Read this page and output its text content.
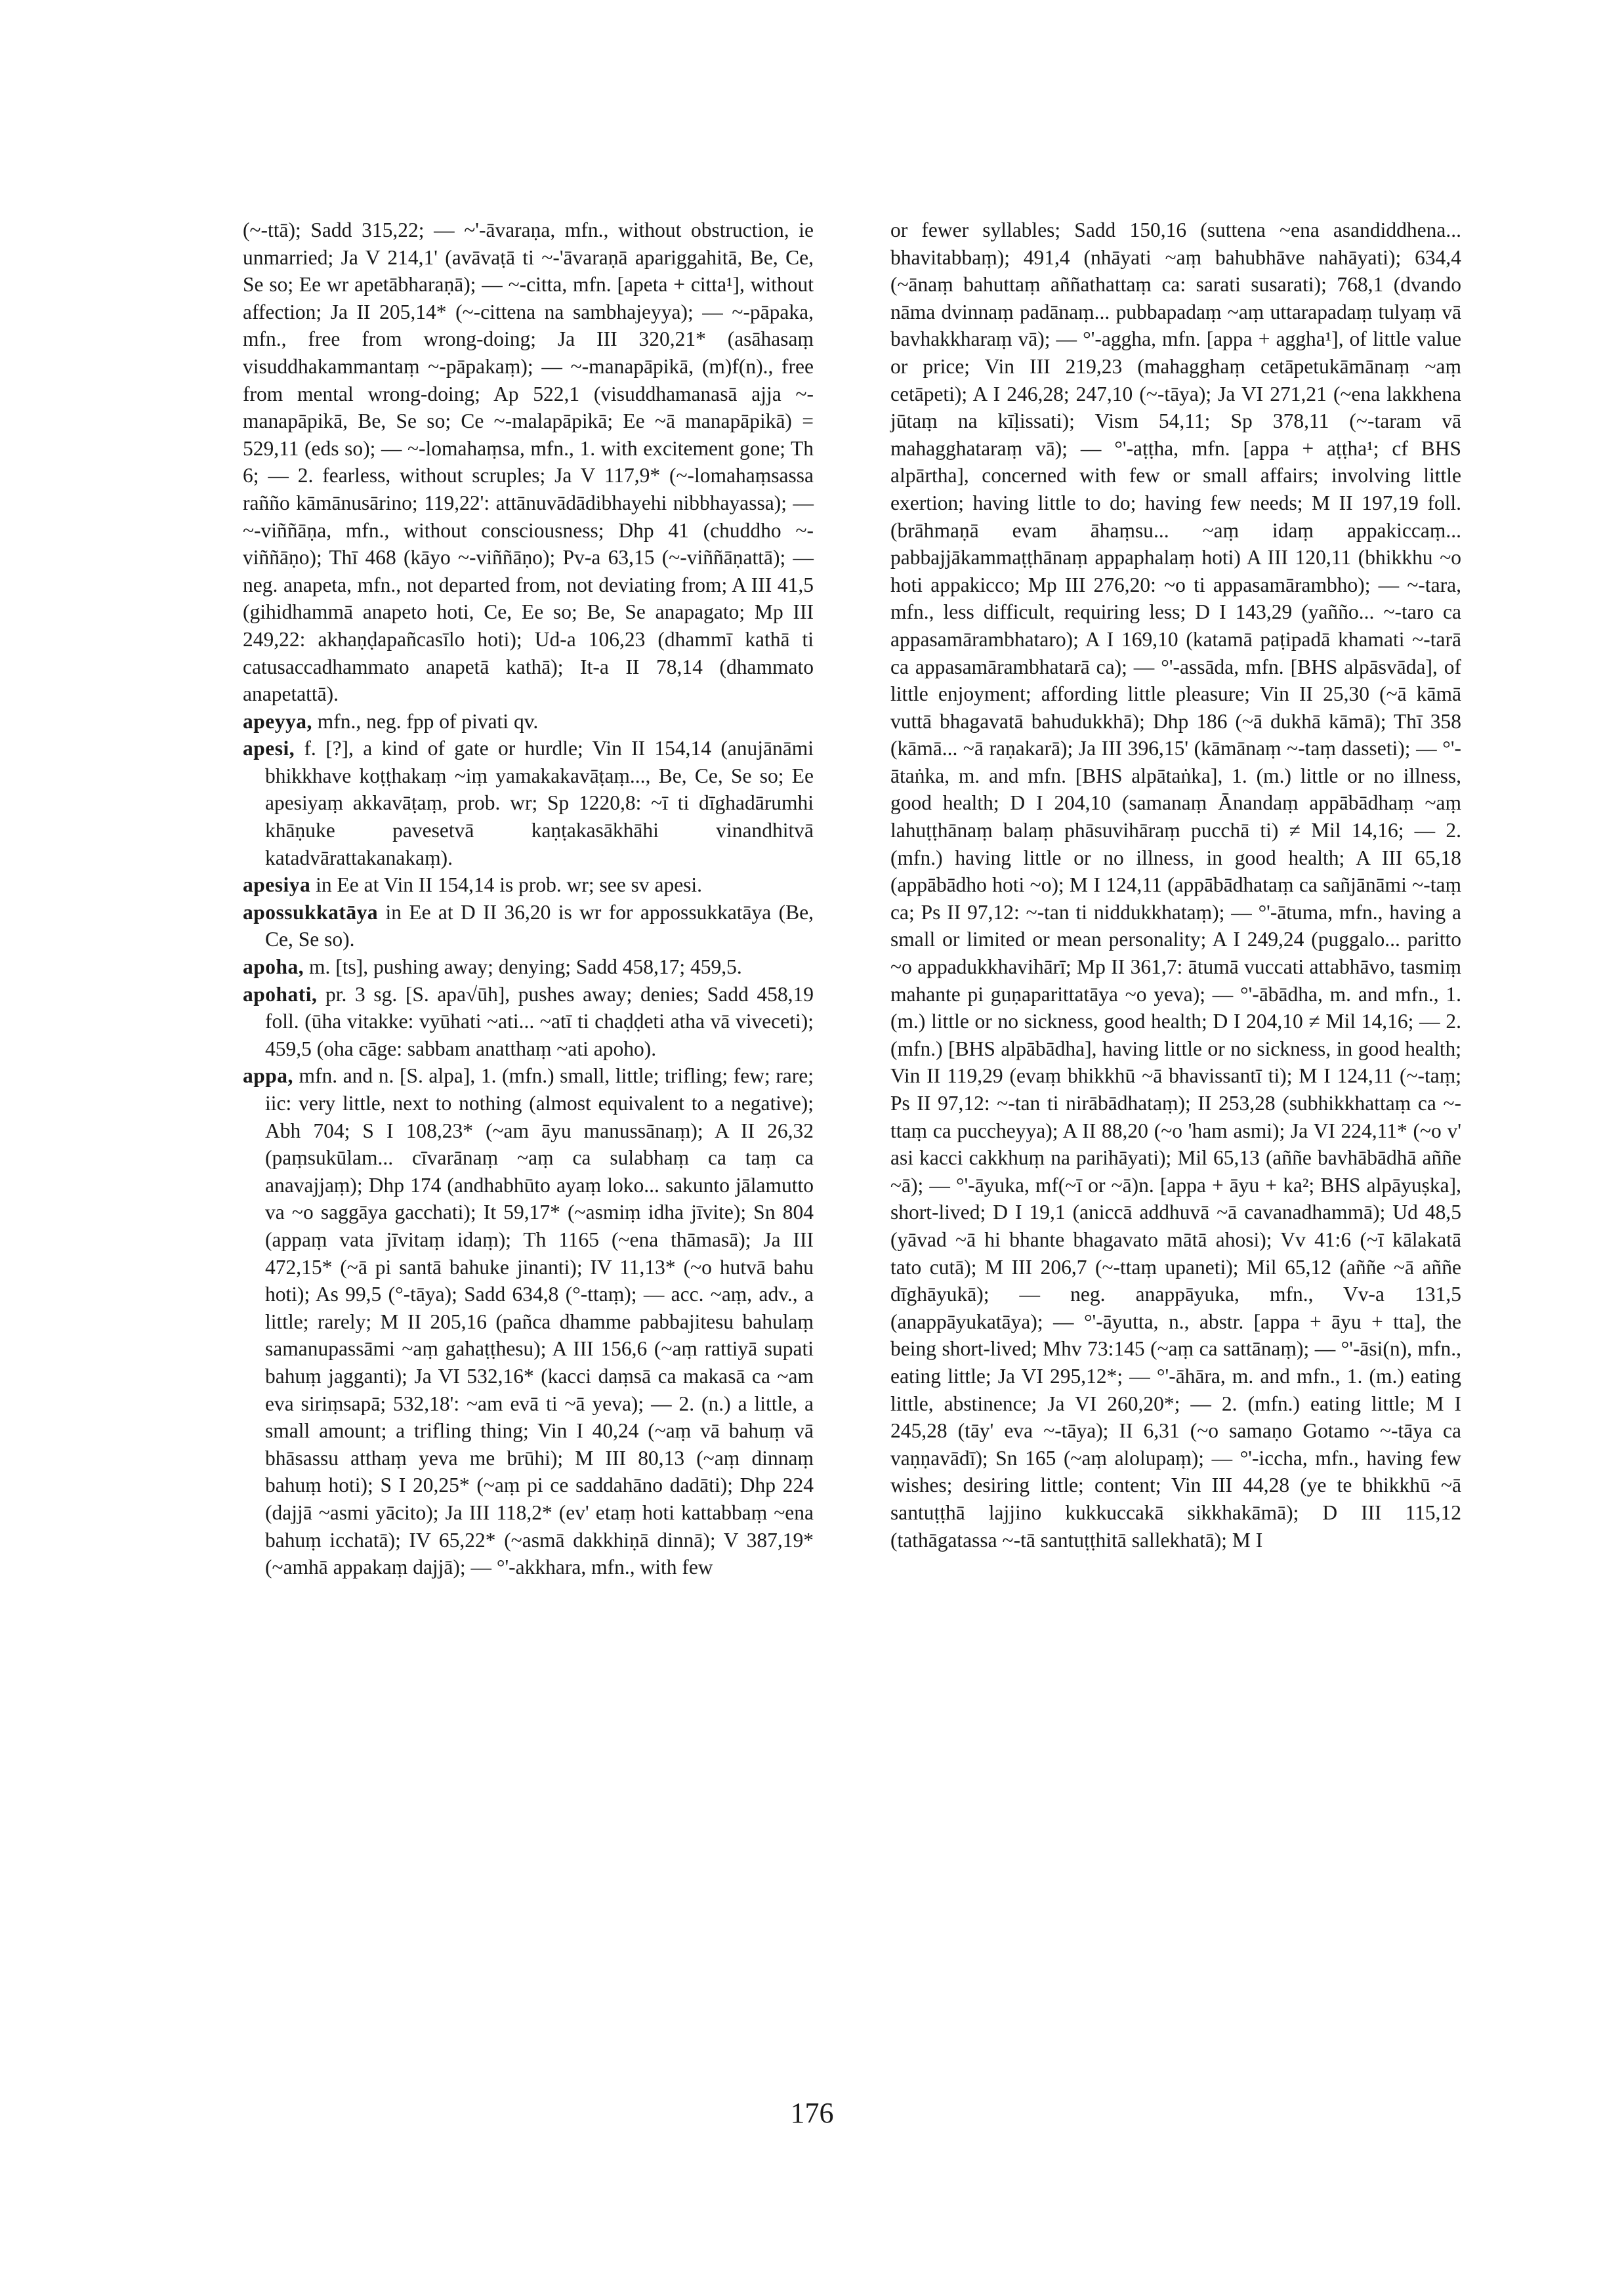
(~-ttā); Sadd 315,22; — ~'-āvaraṇa, mfn., without obstruction, ie unmarried; Ja V 214,1' (avāvaṭā ti ~-'āvaraṇā apariggahitā, Be, Ce, Se so; Ee wr apetābharaṇā); — ~-citta, mfn. [apeta + citta¹], without affection; Ja II 205,14* (~-cittena na sambhajeyya); — ~-pāpaka, mfn., free from wrong-doing; Ja III 320,21* (asāhasaṃ visuddhakammantaṃ ~-pāpakaṃ); — ~-manapāpikā, (m)f(n)., free from mental wrong-doing; Ap 522,1 (visuddhamanasā ajja ~-manapāpikā, Be, Se so; Ce ~-malapāpikā; Ee ~ā manapāpikā) = 529,11 (eds so); — ~-lomahaṃsa, mfn., 1. with excitement gone; Th 6; — 2. fearless, without scruples; Ja V 117,9* (~-lomahaṃsassa rañño kāmānusārino; 119,22': attānuvādādibhayehi nibbhayassa); — ~-viññāṇa, mfn., without consciousness; Dhp 41 (chuddho ~-viññāṇo); Thī 468 (kāyo ~-viññāṇo); Pv-a 63,15 (~-viññāṇattā); — neg. anapeta, mfn., not departed from, not deviating from; A III 41,5 (gihidhammā anapeto hoti, Ce, Ee so; Be, Se anapagato; Mp III 249,22: akhaṇḍapañcasīlo hoti); Ud-a 106,23 (dhammī kathā ti catusaccadhammato anapetā kathā); It-a II 78,14 (dhammato anapetattā).

apeyya, mfn., neg. fpp of pivati qv.

apesi, f. [?], a kind of gate or hurdle; Vin II 154,14 (anujānāmi bhikkhave koṭṭhakaṃ ~iṃ yamakakavāṭaṃ..., Be, Ce, Se so; Ee apesiyaṃ akkavāṭaṃ, prob. wr; Sp 1220,8: ~ī ti dīghadārumhi khāṇuke pavesetvā kaṇṭakasākhāhi vinandhitvā katadvārattakanakaṃ).

apesiya in Ee at Vin II 154,14 is prob. wr; see sv apesi.

apossukkatāya in Ee at D II 36,20 is wr for appossukkatāya (Be, Ce, Se so).

apoha, m. [ts], pushing away; denying; Sadd 458,17; 459,5.

apohati, pr. 3 sg. [S. apa√ūh], pushes away; denies; Sadd 458,19 foll. (ūha vitakke: vyūhati ~ati... ~atī ti chaḍḍeti atha vā viveceti); 459,5 (oha cāge: sabbam anatthaṃ ~ati apoho).

appa, mfn. and n. [S. alpa], 1. (mfn.) small, little; trifling; few; rare; iic: very little, next to nothing (almost equivalent to a negative); Abh 704; S I 108,23* (~am āyu manussānaṃ); A II 26,32 (paṃsukūlam... cīvarānaṃ ~aṃ ca sulabhaṃ ca taṃ ca anavajjaṃ); Dhp 174 (andhabhūto ayaṃ loko... sakunto jālamutto va ~o saggāya gacchati); It 59,17* (~asmiṃ idha jīvite); Sn 804 (appaṃ vata jīvitaṃ idaṃ); Th 1165 (~ena thāmasā); Ja III 472,15* (~ā pi santā bahuke jinanti); IV 11,13* (~o hutvā bahu hoti); As 99,5 (°-tāya); Sadd 634,8 (°-ttaṃ); — acc. ~aṃ, adv., a little; rarely; M II 205,16 (pañca dhamme pabbajitesu bahulaṃ samanupassāmi ~aṃ gahaṭṭhesu); A III 156,6 (~aṃ rattiyā supati bahuṃ jagganti); Ja VI 532,16* (kacci daṃsā ca makasā ca ~am eva siriṃsapā; 532,18': ~am evā ti ~ā yeva); — 2. (n.) a little, a small amount; a trifling thing; Vin I 40,24 (~aṃ vā bahuṃ vā bhāsassu atthaṃ yeva me brūhi); M III 80,13 (~aṃ dinnaṃ bahuṃ hoti); S I 20,25* (~aṃ pi ce saddahāno dadāti); Dhp 224 (dajjā ~asmi yācito); Ja III 118,2* (ev' etaṃ hoti kattabbaṃ ~ena bahuṃ icchatā); IV 65,22* (~asmā dakkhiṇā dinnā); V 387,19* (~amhā appakaṃ dajjā); — °'-akkhara, mfn., with few

or fewer syllables; Sadd 150,16 (suttena ~ena asandiddhena... bhavitabbaṃ); 491,4 (nhāyati ~aṃ bahubhāve nahāyati); 634,4 (~ānaṃ bahuttaṃ aññathattaṃ ca: sarati susarati); 768,1 (dvando nāma dvinnaṃ padānaṃ... pubbapadaṃ ~aṃ uttarapadaṃ tulyaṃ vā bavhakkharaṃ vā); — °'-aggha, mfn. [appa + aggha¹], of little value or price; Vin III 219,23 (mahagghaṃ cetāpetukāmānaṃ ~aṃ cetāpeti); A I 246,28; 247,10 (~-tāya); Ja VI 271,21 (~ena lakkhena jūtaṃ na kīḷissati); Vism 54,11; Sp 378,11 (~-taram vā mahagghataraṃ vā); — °'-aṭṭha, mfn. [appa + aṭṭha¹; cf BHS alpārtha], concerned with few or small affairs; involving little exertion; having little to do; having few needs; M II 197,19 foll. (brāhmaṇā evam āhaṃsu... ~aṃ idaṃ appakiccaṃ... pabbajjākammaṭṭhānaṃ appaphalaṃ hoti) A III 120,11 (bhikkhu ~o hoti appakicco; Mp III 276,20: ~o ti appasamārambho); — ~-tara, mfn., less difficult, requiring less; D I 143,29 (yañño... ~-taro ca appasamārambhataro); A I 169,10 (katamā paṭipadā khamati ~-tarā ca appasamārambhatarā ca); — °'-assāda, mfn. [BHS alpāsvāda], of little enjoyment; affording little pleasure; Vin II 25,30 (~ā kāmā vuttā bhagavatā bahudukkhā); Dhp 186 (~ā dukhā kāmā); Thī 358 (kāmā... ~ā raṇakarā); Ja III 396,15' (kāmānaṃ ~-taṃ dasseti); — °'-ātaṅka, m. and mfn. [BHS alpātaṅka], 1. (m.) little or no illness, good health; D I 204,10 (samanaṃ Ānandaṃ appābādhaṃ ~aṃ lahuṭṭhānaṃ balaṃ phāsuvihāraṃ pucchā ti) ≠ Mil 14,16; — 2. (mfn.) having little or no illness, in good health; A III 65,18 (appābādho hoti ~o); M I 124,11 (appābādhataṃ ca sañjānāmi ~-taṃ ca; Ps II 97,12: ~-tan ti niddukkhataṃ); — °'-ātuma, mfn., having a small or limited or mean personality; A I 249,24 (puggalo... paritto ~o appadukkhavihārī; Mp II 361,7: ātumā vuccati attabhāvo, tasmiṃ mahante pi guṇaparittatāya ~o yeva); — °'-ābādha, m. and mfn., 1. (m.) little or no sickness, good health; D I 204,10 ≠ Mil 14,16; — 2. (mfn.) [BHS alpābādha], having little or no sickness, in good health; Vin II 119,29 (evaṃ bhikkhū ~ā bhavissantī ti); M I 124,11 (~-taṃ; Ps II 97,12: ~-tan ti nirābādhataṃ); II 253,28 (subhikkhattaṃ ca ~-ttaṃ ca puccheyya); A II 88,20 (~o 'ham asmi); Ja VI 224,11* (~o v' asi kacci cakkhuṃ na parihāyati); Mil 65,13 (aññe bavhābādhā aññe ~ā); — °'-āyuka, mf(~ī or ~ā)n. [appa + āyu + ka²; BHS alpāyuṣka], short-lived; D I 19,1 (aniccā addhuvā ~ā cavanadhammā); Ud 48,5 (yāvad ~ā hi bhante bhagavato mātā ahosi); Vv 41:6 (~ī kālakatā tato cutā); M III 206,7 (~-ttaṃ upaneti); Mil 65,12 (aññe ~ā aññe dīghāyukā); — neg. anappāyuka, mfn., Vv-a 131,5 (anappāyukatāya); — °'-āyutta, n., abstr. [appa + āyu + tta], the being short-lived; Mhv 73:145 (~aṃ ca sattānaṃ); — °'-āsi(n), mfn., eating little; Ja VI 295,12*; — °'-āhāra, m. and mfn., 1. (m.) eating little, abstinence; Ja VI 260,20*; — 2. (mfn.) eating little; M I 245,28 (tāy' eva ~-tāya); II 6,31 (~o samaṇo Gotamo ~-tāya ca vaṇṇavādī); Sn 165 (~aṃ alolupaṃ); — °'-iccha, mfn., having few wishes; desiring little; content; Vin III 44,28 (ye te bhikkhū ~ā santuṭṭhā lajjino kukkuccakā sikkhakāmā); D III 115,12 (tathāgatassa ~-tā santuṭṭhitā sallekhatā); M I

176
